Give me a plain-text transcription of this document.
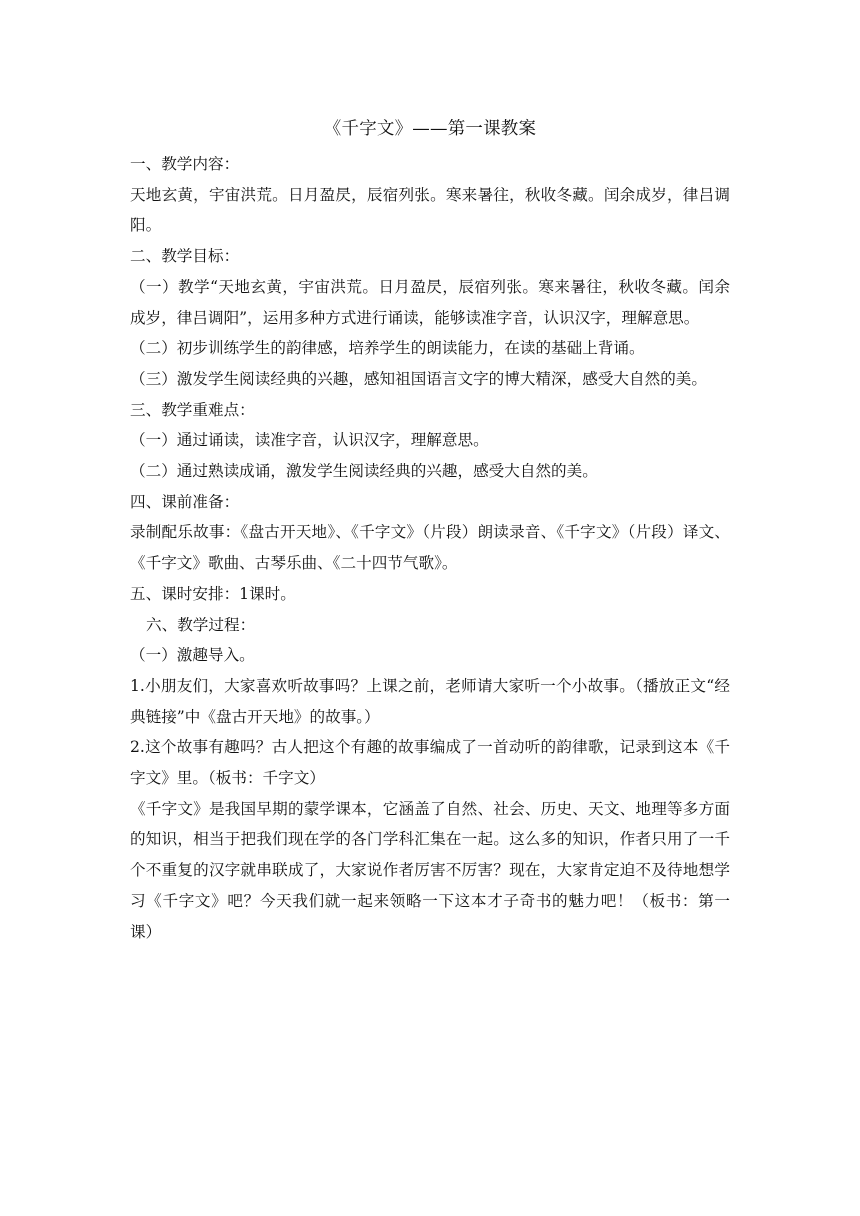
《千字文》——第一课教案

一、教学内容：

天地玄黄，宇宙洪荒。日月盈昃，辰宿列张。寒来暑往，秋收冬藏。闰余成岁，律吕调阳。

二、教学目标：

（一）教学“天地玄黄，宇宙洪荒。日月盈昃，辰宿列张。寒来暑往，秋收冬藏。闰余成岁，律吕调阳”，运用多种方式进行诵读，能够读准字音，认识汉字，理解意思。

（二）初步训练学生的韵律感，培养学生的朗读能力，在读的基础上背诵。

（三）激发学生阅读经典的兴趣，感知祖国语言文字的博大精深，感受大自然的美。

三、教学重难点：

（一）通过诵读，读准字音，认识汉字，理解意思。

（二）通过熟读成诵，激发学生阅读经典的兴趣，感受大自然的美。

四、课前准备：

录制配乐故事：《盘古开天地》、《千字文》（片段）朗读录音、《千字文》（片段）译文、《千字文》歌曲、古琴乐曲、《二十四节气歌》。

五、课时安排：1课时。

六、教学过程：

（一）激趣导入。

1.小朋友们，大家喜欢听故事吗？上课之前，老师请大家听一个小故事。（播放正文“经典链接”中《盘古开天地》的故事。）

2.这个故事有趣吗？古人把这个有趣的故事编成了一首动听的韵律歌，记录到这本《千字文》里。（板书：千字文）

《千字文》是我国早期的蒙学课本，它涵盖了自然、社会、历史、天文、地理等多方面的知识，相当于把我们现在学的各门学科汇集在一起。这么多的知识，作者只用了一千个不重复的汉字就串联成了，大家说作者厉害不厉害？现在，大家肯定迫不及待地想学习《千字文》吧？今天我们就一起来领略一下这本才子奇书的魅力吧！（板书：第一课）
